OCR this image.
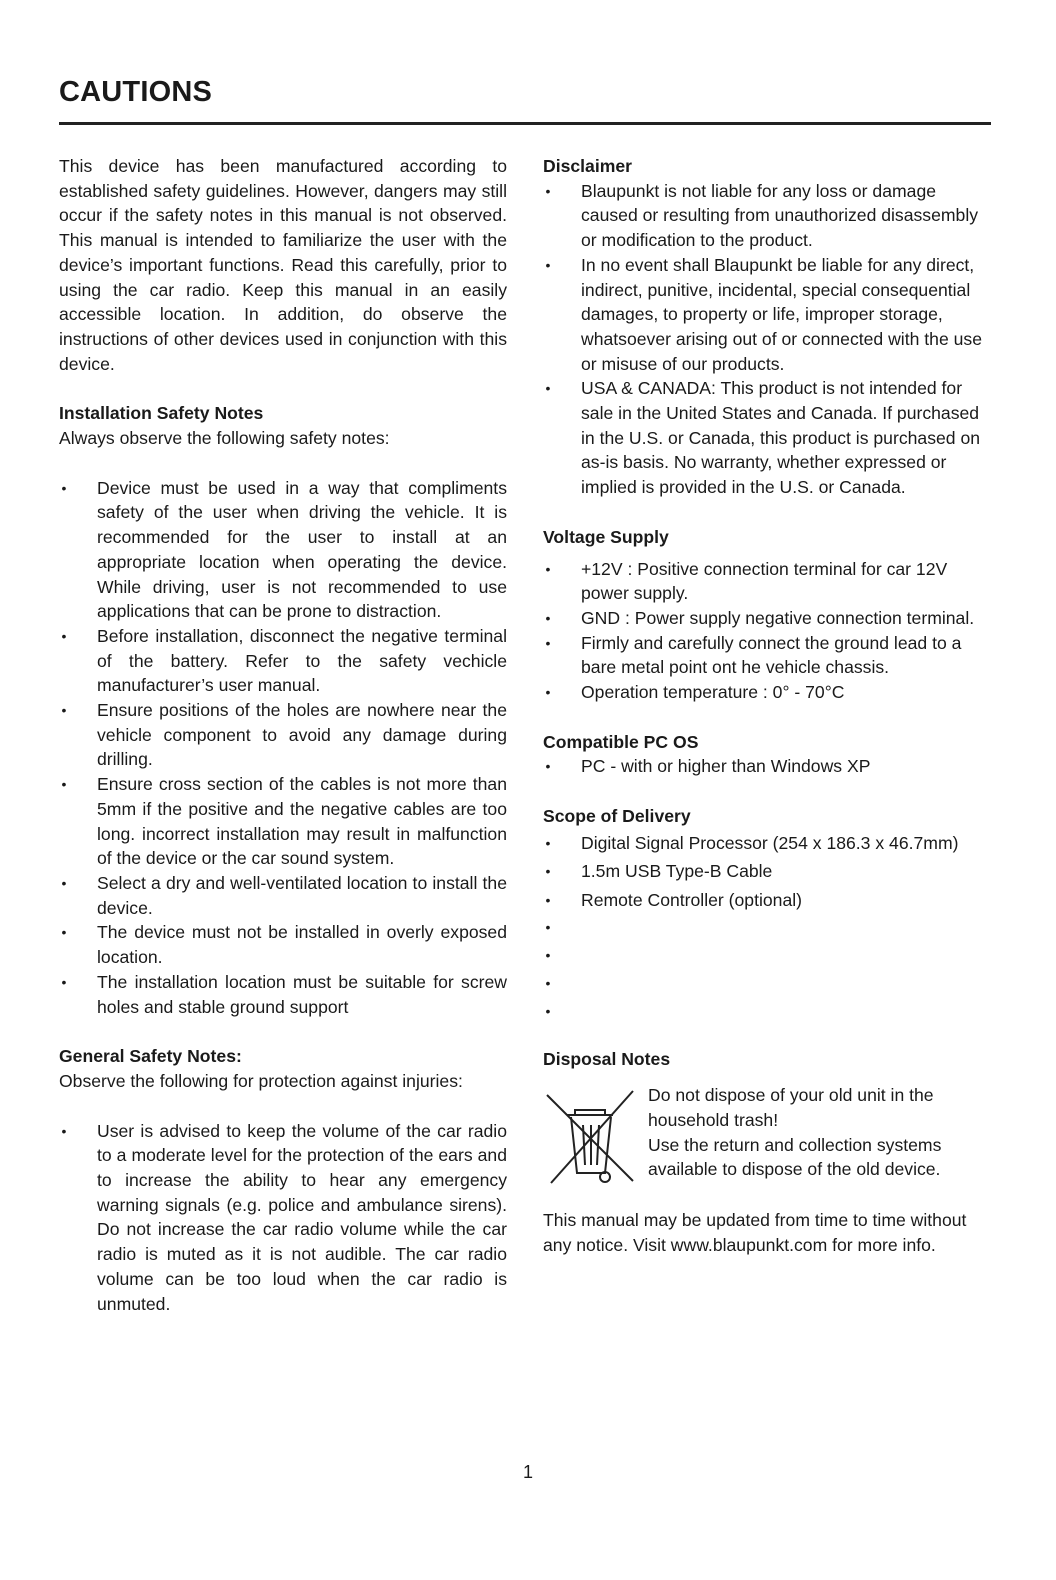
CAUTIONS

This device has been manufactured according to established safety guidelines. However, dangers may still occur if the safety notes in this manual is not observed. This manual is intended to familiarize the user with the device’s important functions. Read this carefully, prior to using the car radio. Keep this manual in an easily accessible location. In addition, do observe the instructions of other devices used in conjunction with this device.

Installation Safety Notes

Always observe the following safety notes:

• Device must be used in a way that compliments safety of the user when driving the vehicle. It is recommended for the user to install at an appropriate location when operating the device. While driving, user is not recommended to use applications that can be prone to distraction.
• Before installation, disconnect the negative terminal of the battery. Refer to the safety vechicle manufacturer’s user manual.
• Ensure positions of the holes are nowhere near the vehicle component to avoid any damage during drilling.
• Ensure cross section of the cables is not more than 5mm if the positive and the negative cables are too long. incorrect installation may result in malfunction of the device or the car sound system.
• Select a dry and well-ventilated location to install the device.
• The device must not be installed in overly exposed location.
• The installation location must be suitable for screw holes and stable ground support
General Safety Notes:

Observe the following for protection against injuries:

• User is advised to keep the volume of the car radio to a moderate level for the protection of the ears and to increase the ability to hear any emergency warning signals (e.g. police and ambulance sirens). Do not increase the car radio volume while the car radio is muted as it is not audible. The car radio volume can be too loud when the car radio is unmuted.
Disclaimer
• Blaupunkt is not liable for any loss or damage caused or resulting from unauthorized disassembly or modification to the product.
• In no event shall Blaupunkt be liable for any direct, indirect, punitive, incidental, special consequential damages, to property or life, improper storage, whatsoever arising out of or connected with the use or misuse of our products.
• USA & CANADA: This product is not intended for sale in the United States and Canada. If purchased in the U.S. or Canada, this product is purchased on as-is basis. No warranty, whether expressed or implied is provided in the U.S. or Canada.
Voltage Supply
• +12V : Positive connection terminal for car 12V power supply.
• GND : Power supply negative connection terminal.
• Firmly and carefully connect the ground lead to a bare metal point ont he vehicle chassis.
• Operation temperature : 0° - 70°C
Compatible PC OS
• PC - with or higher than Windows XP
Scope of Delivery
• Digital Signal Processor (254 x 186.3 x 46.7mm)
• 1.5m USB Type-B Cable
• Remote Controller (optional)
•
•
•
•
Disposal Notes

Do not dispose of your old unit in the household trash!

Use the return and collection systems available to dispose of the old device.

This manual may be updated from time to time without any notice. Visit www.blaupunkt.com for more info.

1
